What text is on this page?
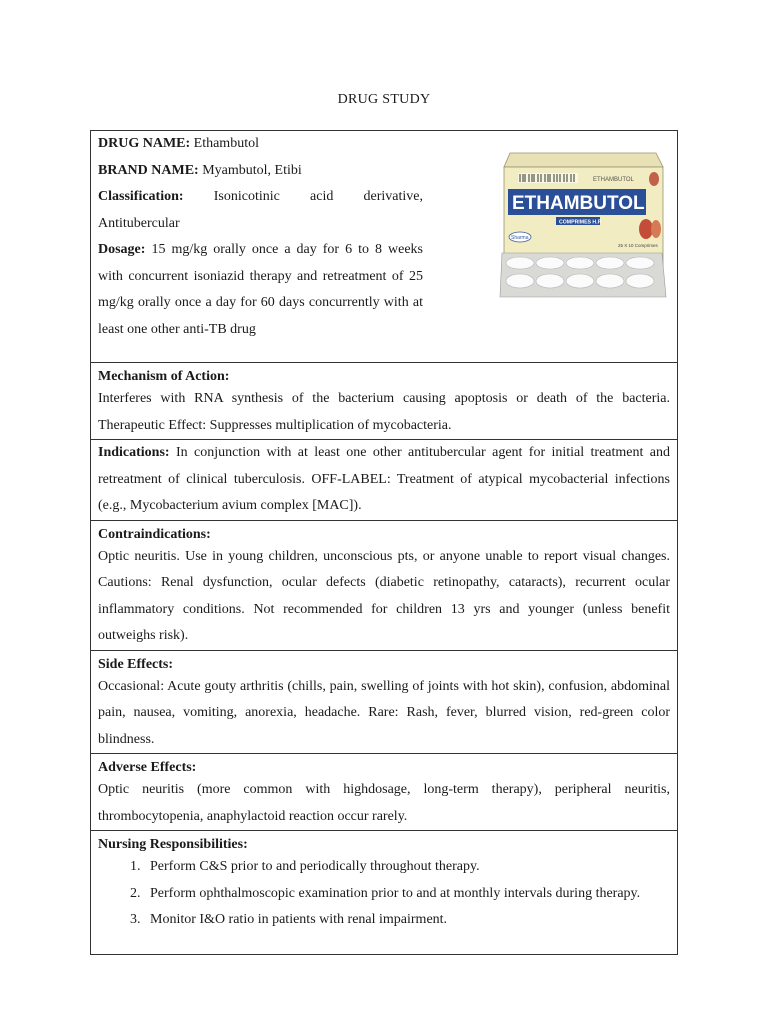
DRUG STUDY

DRUG NAME: Ethambutol

BRAND NAME: Myambutol, Etibi

Classification: Isonicotinic acid derivative,

Antitubercular

Dosage: 15 mg/kg orally once a day for 6 to 8 weeks with concurrent isoniazid therapy and retreatment of 25 mg/kg orally once a day for 60 days concurrently with at least one other anti-TB drug

ETHAMBUTOL
ETHAMBUTOL
COMPRIMES H.P.
Sharma
25 X 10 Comprimes

Mechanism of Action:

Interferes with RNA synthesis of the bacterium causing apoptosis or death of the bacteria. Therapeutic Effect: Suppresses multiplication of mycobacteria.

Indications: In conjunction with at least one other antitubercular agent for initial treatment and retreatment of clinical tuberculosis. OFF-LABEL: Treatment of atypical mycobacterial infections (e.g., Mycobacterium avium complex [MAC]).

Contraindications:

Optic neuritis. Use in young children, unconscious pts, or anyone unable to report visual changes. Cautions: Renal dysfunction, ocular defects (diabetic retinopathy, cataracts), recurrent ocular inflammatory conditions. Not recommended for children 13 yrs and younger (unless benefit outweighs risk).

Side Effects:

Occasional: Acute gouty arthritis (chills, pain, swelling of joints with hot skin), confusion, abdominal pain, nausea, vomiting, anorexia, headache. Rare: Rash, fever, blurred vision, red-green color blindness.

Adverse Effects:

Optic neuritis (more common with highdosage, long-term therapy), peripheral neuritis, thrombocytopenia, anaphylactoid reaction occur rarely.

Nursing Responsibilities:
1. Perform C&S prior to and periodically throughout therapy.
2. Perform ophthalmoscopic examination prior to and at monthly intervals during therapy.
3. Monitor I&O ratio in patients with renal impairment.
